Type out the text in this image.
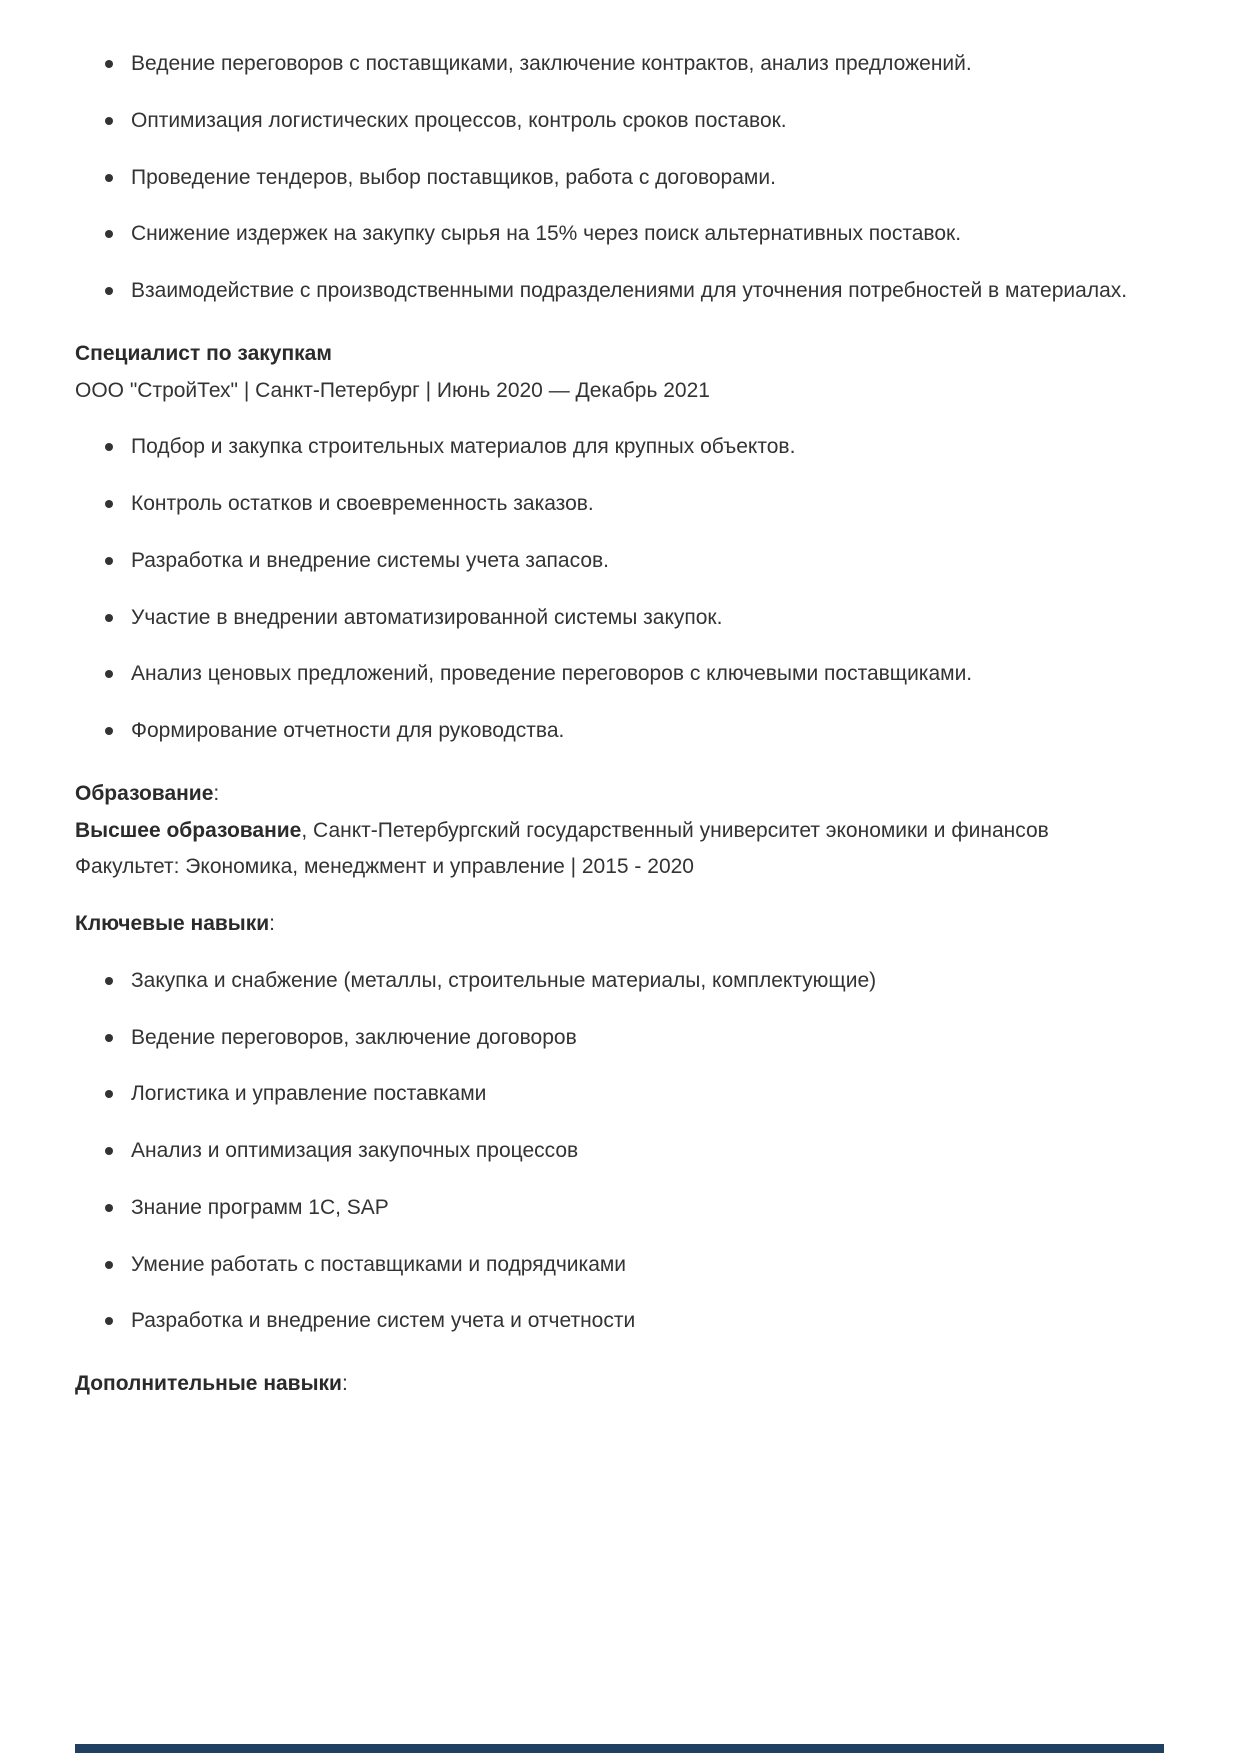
Ведение переговоров с поставщиками, заключение контрактов, анализ предложений.
Оптимизация логистических процессов, контроль сроков поставок.
Проведение тендеров, выбор поставщиков, работа с договорами.
Снижение издержек на закупку сырья на 15% через поиск альтернативных поставок.
Взаимодействие с производственными подразделениями для уточнения потребностей в материалах.

Специалист по закупкам

ООО "СтройТех" | Санкт-Петербург | Июнь 2020 — Декабрь 2021

Подбор и закупка строительных материалов для крупных объектов.
Контроль остатков и своевременность заказов.
Разработка и внедрение системы учета запасов.
Участие в внедрении автоматизированной системы закупок.
Анализ ценовых предложений, проведение переговоров с ключевыми поставщиками.
Формирование отчетности для руководства.

Образование:

Высшее образование, Санкт-Петербургский государственный университет экономики и финансов

Факультет: Экономика, менеджмент и управление | 2015 - 2020

Ключевые навыки:

Закупка и снабжение (металлы, строительные материалы, комплектующие)
Ведение переговоров, заключение договоров
Логистика и управление поставками
Анализ и оптимизация закупочных процессов
Знание программ 1С, SAP
Умение работать с поставщиками и подрядчиками
Разработка и внедрение систем учета и отчетности

Дополнительные навыки:
